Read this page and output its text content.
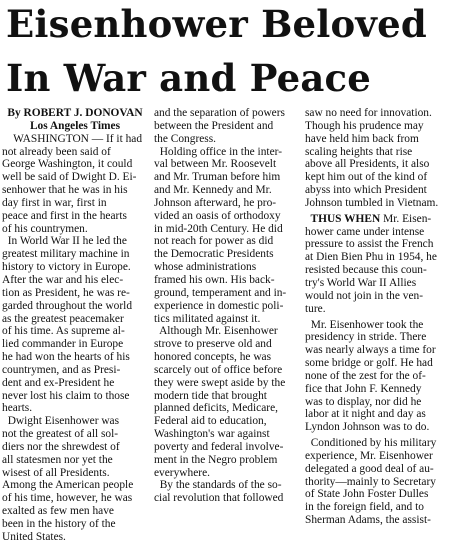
Eisenhower Beloved
In War and Peace

By ROBERT J. DONOVAN

Los Angeles Times

WASHINGTON — If it had
not already been said of
George Washington, it could
well be said of Dwight D. Ei-
senhower that he was in his
day first in war, first in
peace and first in the hearts
of his countrymen.

In World War II he led the
greatest military machine in
history to victory in Europe.
After the war and his elec-
tion as President, he was re-
garded throughout the world
as the greatest peacemaker
of his time. As supreme al-
lied commander in Europe
he had won the hearts of his
countrymen, and as Presi-
dent and ex-President he
never lost his claim to those
hearts.

Dwight Eisenhower was
not the greatest of all sol-
diers nor the shrewdest of
all statesmen nor yet the
wisest of all Presidents.
Among the American people
of his time, however, he was
exalted as few men have
been in the history of the
United States.

and the separation of powers
between the President and
the Congress.

Holding office in the inter-
val between Mr. Roosevelt
and Mr. Truman before him
and Mr. Kennedy and Mr.
Johnson afterward, he pro-
vided an oasis of orthodoxy
in mid-20th Century. He did
not reach for power as did
the Democratic Presidents
whose administrations
framed his own. His back-
ground, temperament and in-
experience in domestic poli-
tics militated against it.

Although Mr. Eisenhower
strove to preserve old and
honored concepts, he was
scarcely out of office before
they were swept aside by the
modern tide that brought
planned deficits, Medicare,
Federal aid to education,
Washington's war against
poverty and federal involve-
ment in the Negro problem
everywhere.

By the standards of the so-
cial revolution that followed

saw no need for innovation.
Though his prudence may
have held him back from
scaling heights that rise
above all Presidents, it also
kept him out of the kind of
abyss into which President
Johnson tumbled in Vietnam.

THUS WHEN Mr. Eisen-
hower came under intense
pressure to assist the French
at Dien Bien Phu in 1954, he
resisted because this coun-
try's World War II Allies
would not join in the ven-
ture.

Mr. Eisenhower took the
presidency in stride. There
was nearly always a time for
some bridge or golf. He had
none of the zest for the of-
fice that John F. Kennedy
was to display, nor did he
labor at it night and day as
Lyndon Johnson was to do.

Conditioned by his military
experience, Mr. Eisenhower
delegated a good deal of au-
thority—mainly to Secretary
of State John Foster Dulles
in the foreign field, and to
Sherman Adams, the assist-
